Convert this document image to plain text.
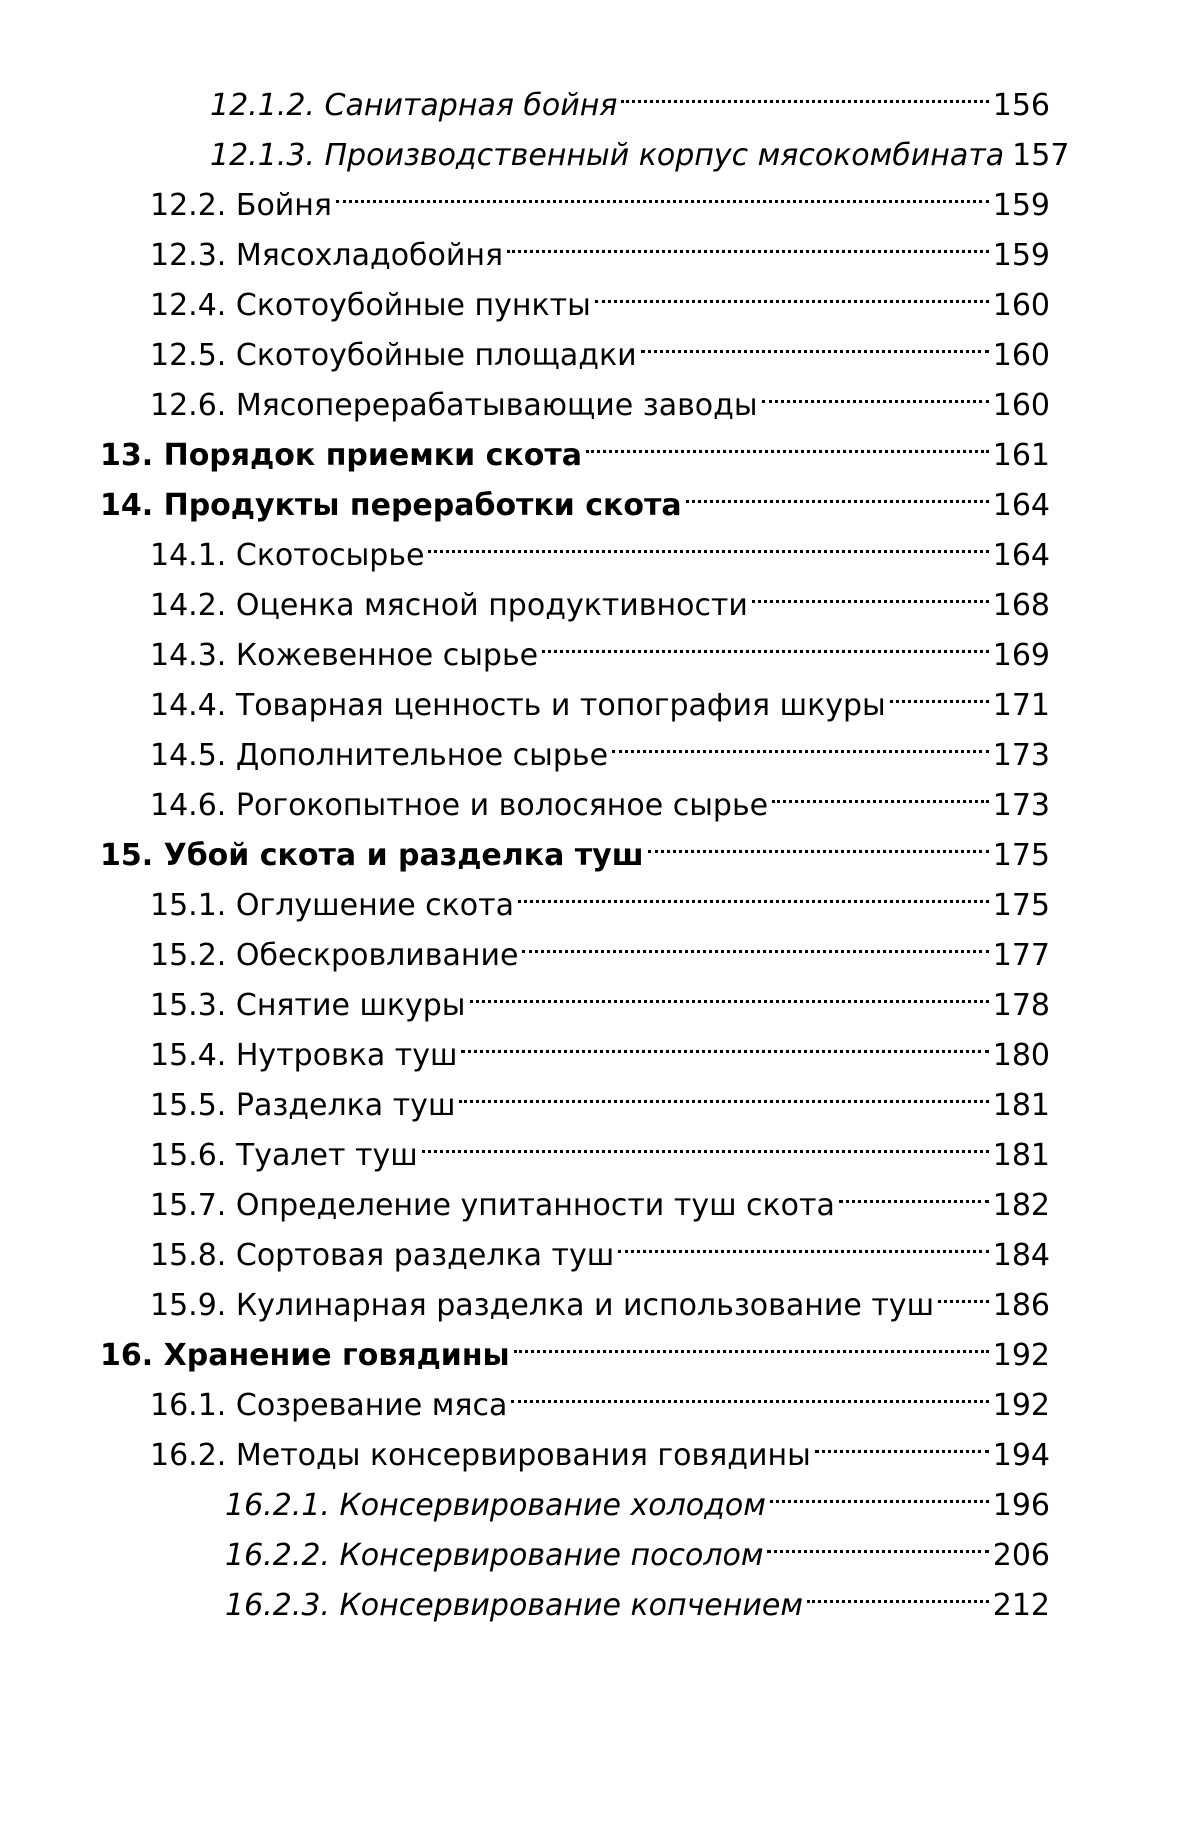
12.1.2. Санитарная бойня	156
12.1.3. Производственный корпус мясокомбината 157
12.2. Бойня	159
12.3. Мясохладобойня	159
12.4. Скотоубойные пункты	160
12.5. Скотоубойные площадки	160
12.6. Мясоперерабатывающие заводы	160
13. Порядок приемки скота	161
14. Продукты переработки скота	164
14.1. Скотосырье	164
14.2. Оценка мясной продуктивности	168
14.3. Кожевенное сырье	169
14.4. Товарная ценность и топография шкуры	171
14.5. Дополнительное сырье	173
14.6. Рогокопытное и волосяное сырье	173
15. Убой скота и разделка туш	175
15.1. Оглушение скота	175
15.2. Обескровливание	177
15.3. Снятие шкуры	178
15.4. Нутровка туш	180
15.5. Разделка туш	181
15.6. Туалет туш	181
15.7. Определение упитанности туш скота	182
15.8. Сортовая разделка туш	184
15.9. Кулинарная разделка и использование туш 186
16. Хранение говядины	192
16.1. Созревание мяса	192
16.2. Методы консервирования говядины	194
16.2.1. Консервирование холодом	196
16.2.2. Консервирование посолом	206
16.2.3. Консервирование копчением	212
